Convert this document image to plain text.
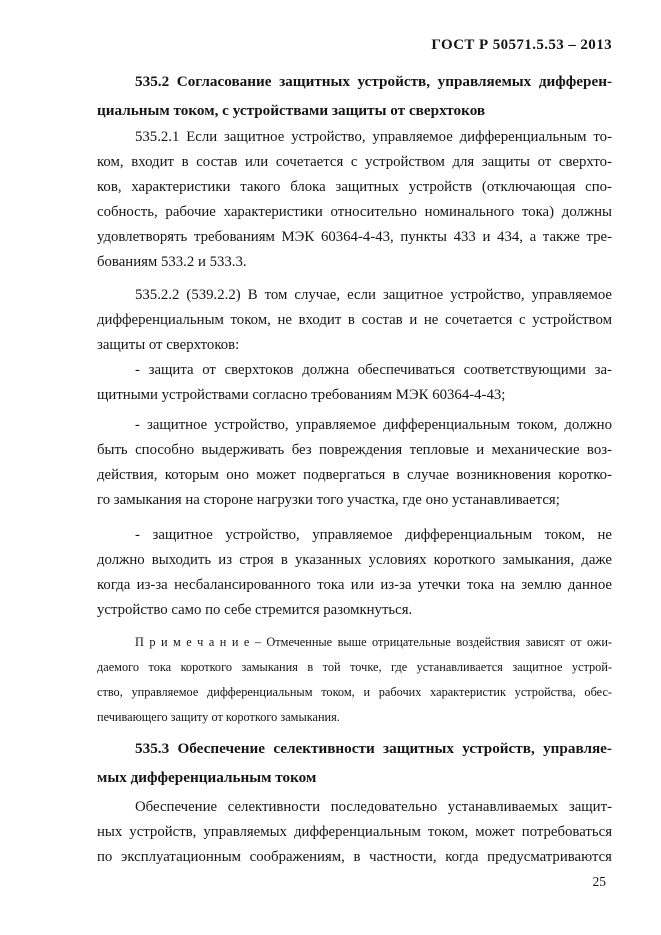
ГОСТ Р 50571.5.53 – 2013
535.2 Согласование защитных устройств, управляемых дифферен-
циальным током, с устройствами защиты от сверхтоков
535.2.1 Если защитное устройство, управляемое дифференциальным то-
ком, входит в состав или сочетается с устройством для защиты от сверхто-
ков, характеристики такого блока защитных устройств (отключающая спо-
собность, рабочие характеристики относительно номинального тока) должны
удовлетворять требованиям МЭК 60364-4-43, пункты 433 и 434, а также тре-
бованиям 533.2 и 533.3.
535.2.2 (539.2.2) В том случае, если защитное устройство, управляемое
дифференциальным током, не входит в состав и не сочетается с устройством
защиты от сверхтоков:
- защита от сверхтоков должна обеспечиваться соответствующими за-
щитными устройствами согласно требованиям МЭК 60364-4-43;
- защитное устройство, управляемое дифференциальным током, должно
быть способно выдерживать без повреждения тепловые и механические воз-
действия, которым оно может подвергаться в случае возникновения коротко-
го замыкания на стороне нагрузки того участка, где оно устанавливается;
- защитное устройство, управляемое дифференциальным током, не
должно выходить из строя в указанных условиях короткого замыкания, даже
когда из-за несбалансированного тока или из-за утечки тока на землю данное
устройство само по себе стремится разомкнуться.
П р и м е ч а н и е – Отмеченные выше отрицательные воздействия зависят от ожи-
даемого тока короткого замыкания в той точке, где устанавливается защитное устрой-
ство, управляемое дифференциальным током, и рабочих характеристик устройства, обес-
печивающего защиту от короткого замыкания.
535.3 Обеспечение селективности защитных устройств, управляе-
мых дифференциальным током
Обеспечение селективности последовательно устанавливаемых защит-
ных устройств, управляемых дифференциальным током, может потребоваться
по эксплуатационным соображениям, в частности, когда предусматриваются
25
